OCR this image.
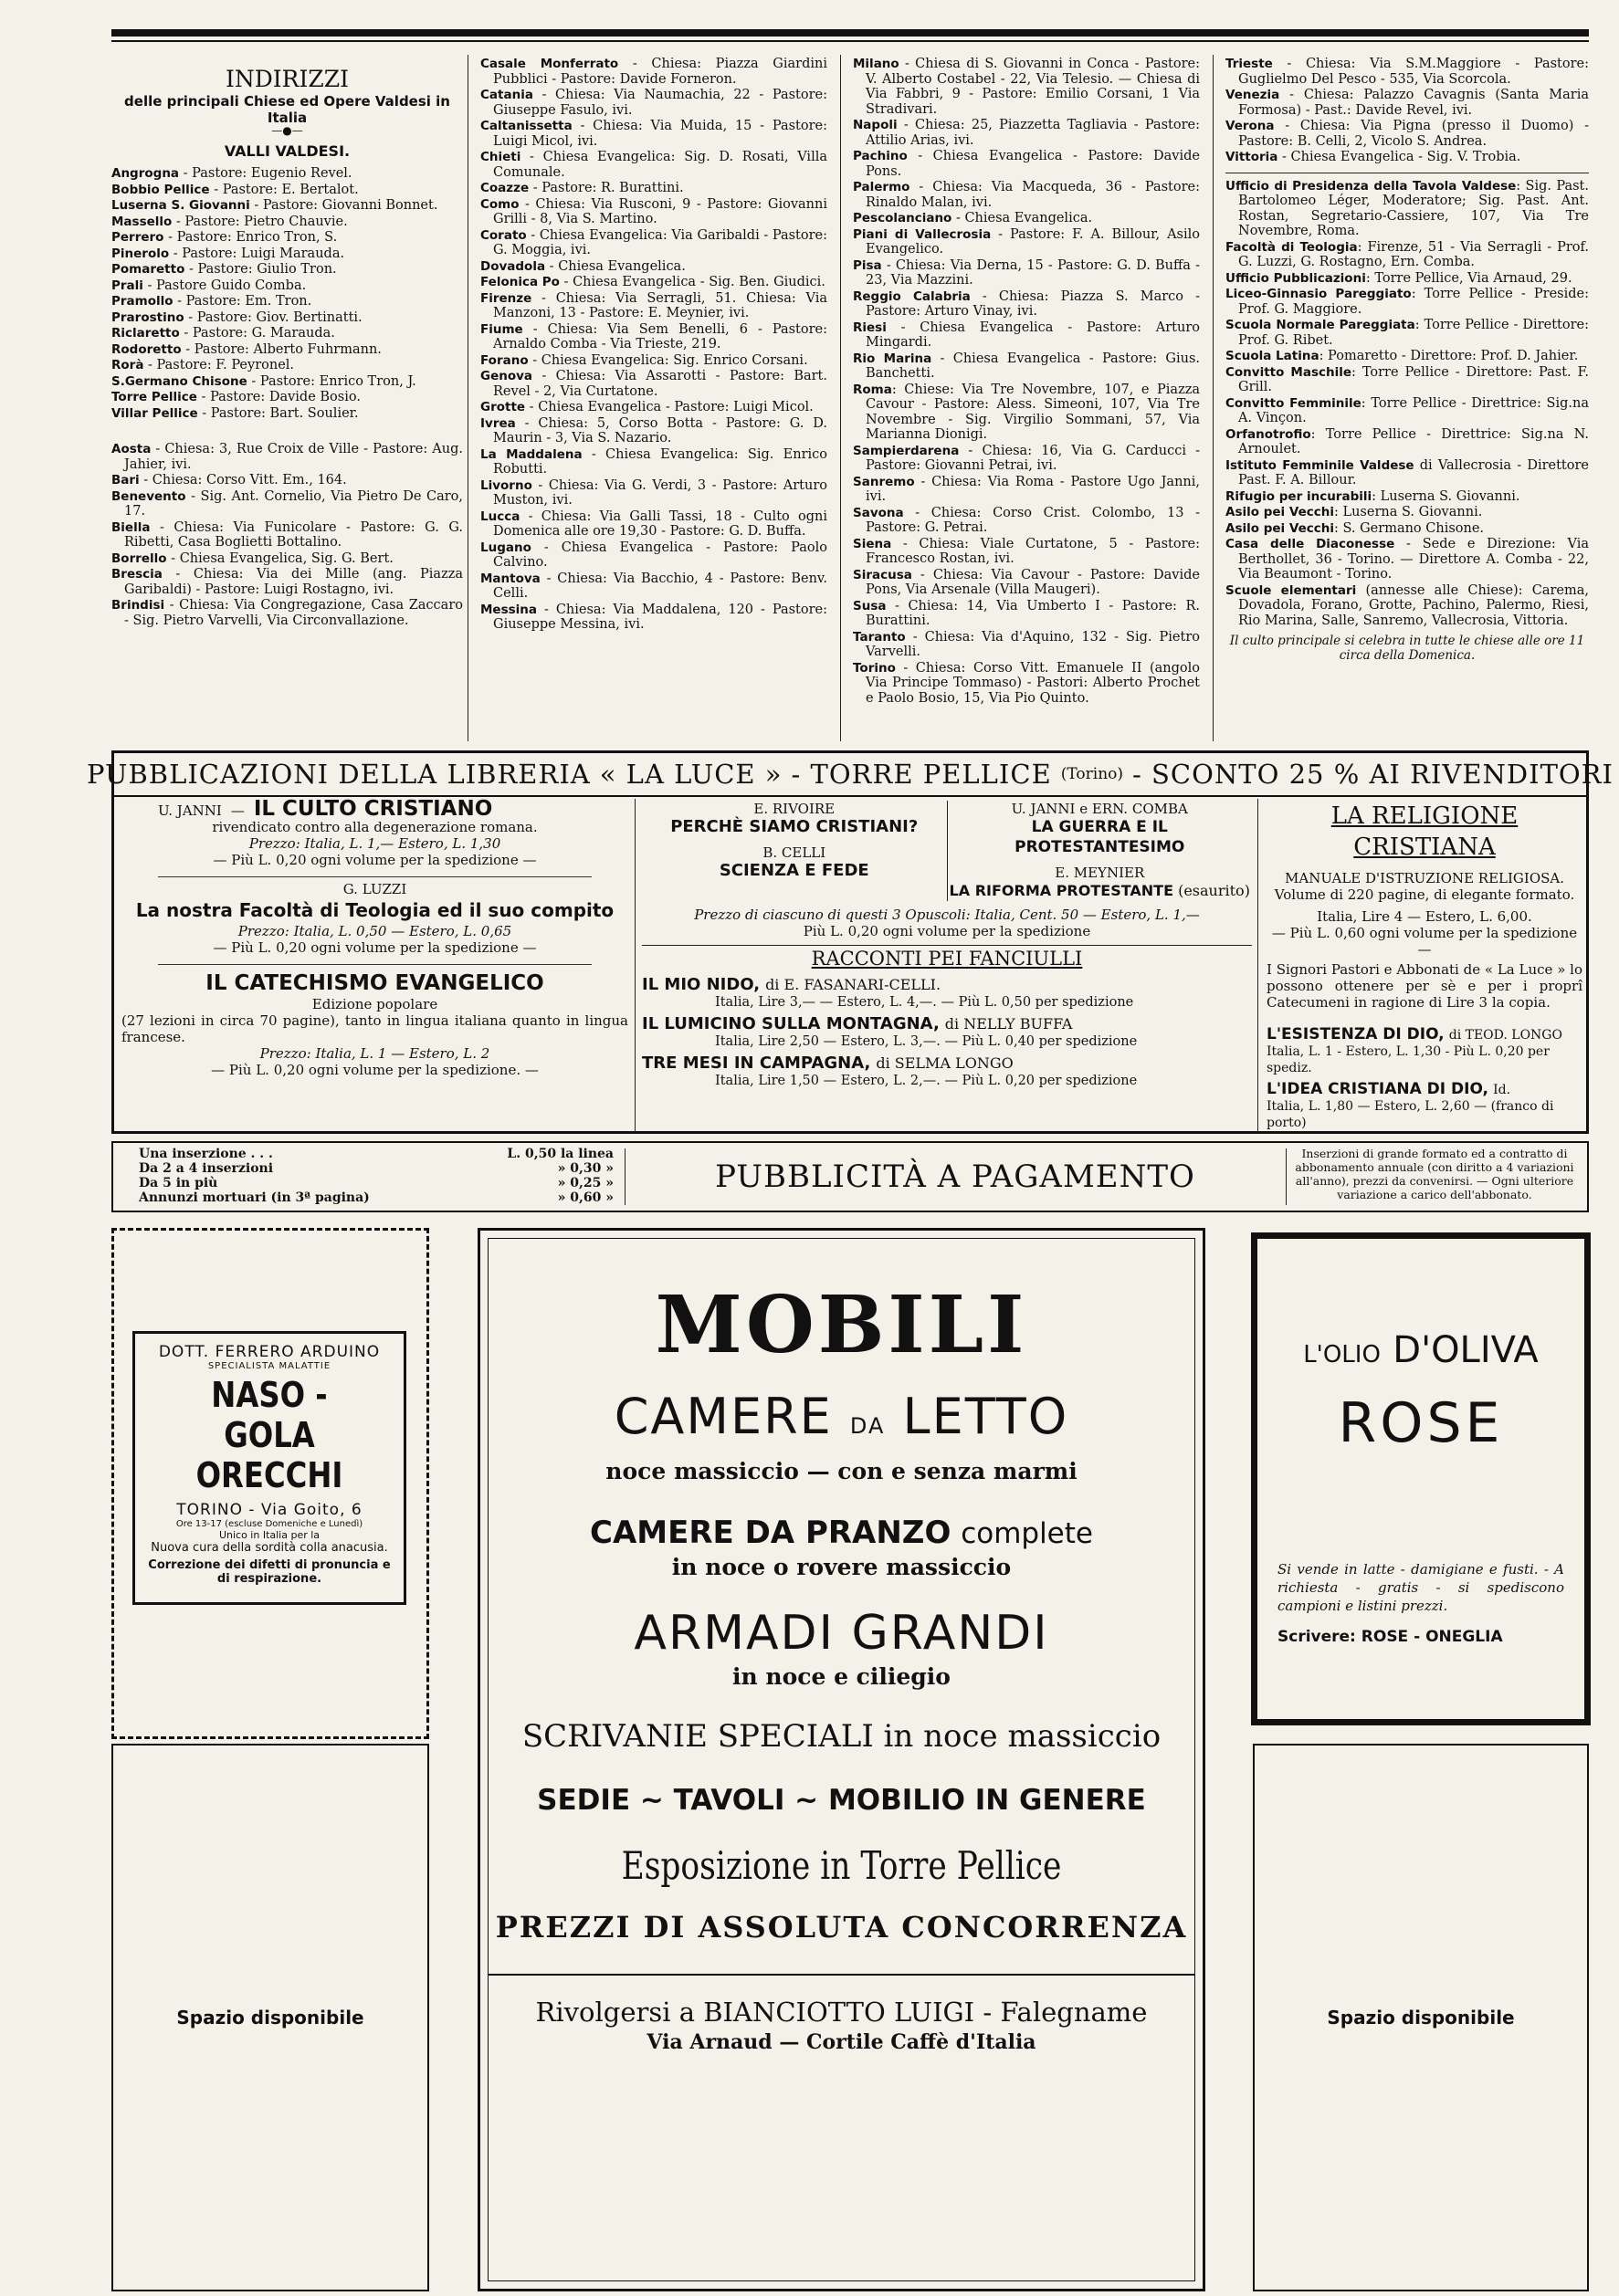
INDIRIZZI
delle principali Chiese ed Opere Valdesi in Italia
—●—
VALLI VALDESI.

Angrogna - Pastore: Eugenio Revel.

Bobbio Pellice - Pastore: E. Bertalot.

Luserna S. Giovanni - Pastore: Giovanni Bonnet.

Massello - Pastore: Pietro Chauvie.

Perrero - Pastore: Enrico Tron, S.

Pinerolo - Pastore: Luigi Marauda.

Pomaretto - Pastore: Giulio Tron.

Prali - Pastore Guido Comba.

Pramollo - Pastore: Em. Tron.

Prarostino - Pastore: Giov. Bertinatti.

Riclaretto - Pastore: G. Marauda.

Rodoretto - Pastore: Alberto Fuhrmann.

Rorà - Pastore: F. Peyronel.

S.Germano Chisone - Pastore: Enrico Tron, J.

Torre Pellice - Pastore: Davide Bosio.

Villar Pellice - Pastore: Bart. Soulier.

Aosta - Chiesa: 3, Rue Croix de Ville - Pastore: Aug. Jahier, ivi.

Bari - Chiesa: Corso Vitt. Em., 164.

Benevento - Sig. Ant. Cornelio, Via Pietro De Caro, 17.

Biella - Chiesa: Via Funicolare - Pastore: G. G. Ribetti, Casa Boglietti Bottalino.

Borrello - Chiesa Evangelica, Sig. G. Bert.

Brescia - Chiesa: Via dei Mille (ang. Piazza Garibaldi) - Pastore: Luigi Rostagno, ivi.

Brindisi - Chiesa: Via Congregazione, Casa Zaccaro - Sig. Pietro Varvelli, Via Circonvallazione.

Casale Monferrato - Chiesa: Piazza Giardini Pubblici - Pastore: Davide Forneron.

Catania - Chiesa: Via Naumachia, 22 - Pastore: Giuseppe Fasulo, ivi.

Caltanissetta - Chiesa: Via Muida, 15 - Pastore: Luigi Micol, ivi.

Chieti - Chiesa Evangelica: Sig. D. Rosati, Villa Comunale.

Coazze - Pastore: R. Burattini.

Como - Chiesa: Via Rusconi, 9 - Pastore: Giovanni Grilli - 8, Via S. Martino.

Corato - Chiesa Evangelica: Via Garibaldi - Pastore: G. Moggia, ivi.

Dovadola - Chiesa Evangelica.

Felonica Po - Chiesa Evangelica - Sig. Ben. Giudici.

Firenze - Chiesa: Via Serragli, 51. Chiesa: Via Manzoni, 13 - Pastore: E. Meynier, ivi.

Fiume - Chiesa: Via Sem Benelli, 6 - Pastore: Arnaldo Comba - Via Trieste, 219.

Forano - Chiesa Evangelica: Sig. Enrico Corsani.

Genova - Chiesa: Via Assarotti - Pastore: Bart. Revel - 2, Via Curtatone.

Grotte - Chiesa Evangelica - Pastore: Luigi Micol.

Ivrea - Chiesa: 5, Corso Botta - Pastore: G. D. Maurin - 3, Via S. Nazario.

La Maddalena - Chiesa Evangelica: Sig. Enrico Robutti.

Livorno - Chiesa: Via G. Verdi, 3 - Pastore: Arturo Muston, ivi.

Lucca - Chiesa: Via Galli Tassi, 18 - Culto ogni Domenica alle ore 19,30 - Pastore: G. D. Buffa.

Lugano - Chiesa Evangelica - Pastore: Paolo Calvino.

Mantova - Chiesa: Via Bacchio, 4 - Pastore: Benv. Celli.

Messina - Chiesa: Via Maddalena, 120 - Pastore: Giuseppe Messina, ivi.

Milano - Chiesa di S. Giovanni in Conca - Pastore: V. Alberto Costabel - 22, Via Telesio. — Chiesa di Via Fabbri, 9 - Pastore: Emilio Corsani, 1 Via Stradivari.

Napoli - Chiesa: 25, Piazzetta Tagliavia - Pastore: Attilio Arias, ivi.

Pachino - Chiesa Evangelica - Pastore: Davide Pons.

Palermo - Chiesa: Via Macqueda, 36 - Pastore: Rinaldo Malan, ivi.

Pescolanciano - Chiesa Evangelica.

Piani di Vallecrosia - Pastore: F. A. Billour, Asilo Evangelico.

Pisa - Chiesa: Via Derna, 15 - Pastore: G. D. Buffa - 23, Via Mazzini.

Reggio Calabria - Chiesa: Piazza S. Marco - Pastore: Arturo Vinay, ivi.

Riesi - Chiesa Evangelica - Pastore: Arturo Mingardi.

Rio Marina - Chiesa Evangelica - Pastore: Gius. Banchetti.

Roma: Chiese: Via Tre Novembre, 107, e Piazza Cavour - Pastore: Aless. Simeoni, 107, Via Tre Novembre - Sig. Virgilio Sommani, 57, Via Marianna Dionigi.

Sampierdarena - Chiesa: 16, Via G. Carducci - Pastore: Giovanni Petrai, ivi.

Sanremo - Chiesa: Via Roma - Pastore Ugo Janni, ivi.

Savona - Chiesa: Corso Crist. Colombo, 13 - Pastore: G. Petrai.

Siena - Chiesa: Viale Curtatone, 5 - Pastore: Francesco Rostan, ivi.

Siracusa - Chiesa: Via Cavour - Pastore: Davide Pons, Via Arsenale (Villa Maugeri).

Susa - Chiesa: 14, Via Umberto I - Pastore: R. Burattini.

Taranto - Chiesa: Via d'Aquino, 132 - Sig. Pietro Varvelli.

Torino - Chiesa: Corso Vitt. Emanuele II (angolo Via Principe Tommaso) - Pastori: Alberto Prochet e Paolo Bosio, 15, Via Pio Quinto.

Trieste - Chiesa: Via S.M.Maggiore - Pastore: Guglielmo Del Pesco - 535, Via Scorcola.

Venezia - Chiesa: Palazzo Cavagnis (Santa Maria Formosa) - Past.: Davide Revel, ivi.

Verona - Chiesa: Via Pigna (presso il Duomo) - Pastore: B. Celli, 2, Vicolo S. Andrea.

Vittoria - Chiesa Evangelica - Sig. V. Trobia.

Ufficio di Presidenza della Tavola Valdese: Sig. Past. Bartolomeo Léger, Moderatore; Sig. Past. Ant. Rostan, Segretario-Cassiere, 107, Via Tre Novembre, Roma.

Facoltà di Teologia: Firenze, 51 - Via Serragli - Prof. G. Luzzi, G. Rostagno, Ern. Comba.

Ufficio Pubblicazioni: Torre Pellice, Via Arnaud, 29.

Liceo-Ginnasio Pareggiato: Torre Pellice - Preside: Prof. G. Maggiore.

Scuola Normale Pareggiata: Torre Pellice - Direttore: Prof. G. Ribet.

Scuola Latina: Pomaretto - Direttore: Prof. D. Jahier.

Convitto Maschile: Torre Pellice - Direttore: Past. F. Grill.

Convitto Femminile: Torre Pellice - Direttrice: Sig.na A. Vinçon.

Orfanotrofio: Torre Pellice - Direttrice: Sig.na N. Arnoulet.

Istituto Femminile Valdese di Vallecrosia - Direttore Past. F. A. Billour.

Rifugio per incurabili: Luserna S. Giovanni.

Asilo pei Vecchi: Luserna S. Giovanni.

Asilo pei Vecchi: S. Germano Chisone.

Casa delle Diaconesse - Sede e Direzione: Via Berthollet, 36 - Torino. — Direttore A. Comba - 22, Via Beaumont - Torino.

Scuole elementari (annesse alle Chiese): Carema, Dovadola, Forano, Grotte, Pachino, Palermo, Riesi, Rio Marina, Salle, Sanremo, Vallecrosia, Vittoria.

Il culto principale si celebra in tutte le chiese alle ore 11 circa della Domenica.
PUBBLICAZIONI DELLA LIBRERIA « LA LUCE » - TORRE PELLICE (Torino) - SCONTO 25 % AI RIVENDITORI
U. JANNI — IL CULTO CRISTIANO
rivendicato contro alla degenerazione romana.
Prezzo: Italia, L. 1,— Estero, L. 1,30
— Più L. 0,20 ogni volume per la spedizione —
G. LUZZI
La nostra Facoltà di Teologia ed il suo compito
Prezzo: Italia, L. 0,50 — Estero, L. 0,65
— Più L. 0,20 ogni volume per la spedizione —
IL CATECHISMO EVANGELICO
Edizione popolare
(27 lezioni in circa 70 pagine), tanto in lingua italiana quanto in lingua francese.
Prezzo: Italia, L. 1 — Estero, L. 2
— Più L. 0,20 ogni volume per la spedizione. —
E. RIVOIRE
PERCHÈ SIAMO CRISTIANI?
B. CELLI
SCIENZA E FEDE
U. JANNI e ERN. COMBA
LA GUERRA E IL PROTESTANTESIMO
E. MEYNIER
LA RIFORMA PROTESTANTE (esaurito)
Prezzo di ciascuno di questi 3 Opuscoli: Italia, Cent. 50 — Estero, L. 1,—
Più L. 0,20 ogni volume per la spedizione
RACCONTI PEI FANCIULLI
IL MIO NIDO, di E. FASANARI-CELLI.
Italia, Lire 3,— — Estero, L. 4,—. — Più L. 0,50 per spedizione
IL LUMICINO SULLA MONTAGNA, di NELLY BUFFA
Italia, Lire 2,50 — Estero, L. 3,—. — Più L. 0,40 per spedizione
TRE MESI IN CAMPAGNA, di SELMA LONGO
Italia, Lire 1,50 — Estero, L. 2,—. — Più L. 0,20 per spedizione
LA RELIGIONE CRISTIANA
MANUALE D'ISTRUZIONE RELIGIOSA.
Volume di 220 pagine, di elegante formato.
Italia, Lire 4 — Estero, L. 6,00.
— Più L. 0,60 ogni volume per la spedizione —
I Signori Pastori e Abbonati de « La Luce » lo possono ottenere per sè e per i proprî Catecumeni in ragione di Lire 3 la copia.
L'ESISTENZA DI DIO, di TEOD. LONGO
Italia, L. 1 - Estero, L. 1,30 - Più L. 0,20 per spediz.
L'IDEA CRISTIANA DI DIO, Id.
Italia, L. 1,80 — Estero, L. 2,60 — (franco di porto)
Una inserzione . . .	L. 0,50 la linea
Da 2 a 4 inserzioni	» 0,30 »
Da 5 in più	» 0,25 »
Annunzi mortuari (in 3ª pagina)	» 0,60 »
PUBBLICITÀ A PAGAMENTO
Inserzioni di grande formato ed a contratto di abbonamento annuale (con diritto a 4 variazioni all'anno), prezzi da convenirsi. — Ogni ulteriore variazione a carico dell'abbonato.
DOTT. FERRERO ARDUINO
SPECIALISTA MALATTIE
NASO - GOLA
ORECCHI
TORINO - Via Goito, 6
Ore 13-17 (escluse Domeniche e Lunedì)
Unico in Italia per la
Nuova cura della sordità colla anacusia.
Correzione dei difetti di pronuncia e di respirazione.
Spazio disponibile
MOBILI
CAMERE DA LETTO
noce massiccio — con e senza marmi
CAMERE DA PRANZO complete
in noce o rovere massiccio
ARMADI GRANDI
in noce e ciliegio
SCRIVANIE SPECIALI in noce massiccio
SEDIE ~ TAVOLI ~ MOBILIO IN GENERE
Esposizione in Torre Pellice
PREZZI DI ASSOLUTA CONCORRENZA
Rivolgersi a BIANCIOTTO LUIGI - Falegname
Via Arnaud — Cortile Caffè d'Italia
L'OLIO D'OLIVA
ROSE
Si vende in latte - damigiane e fusti. - A richiesta - gratis - si spediscono campioni e listini prezzi.
Scrivere: ROSE - ONEGLIA
Spazio disponibile
